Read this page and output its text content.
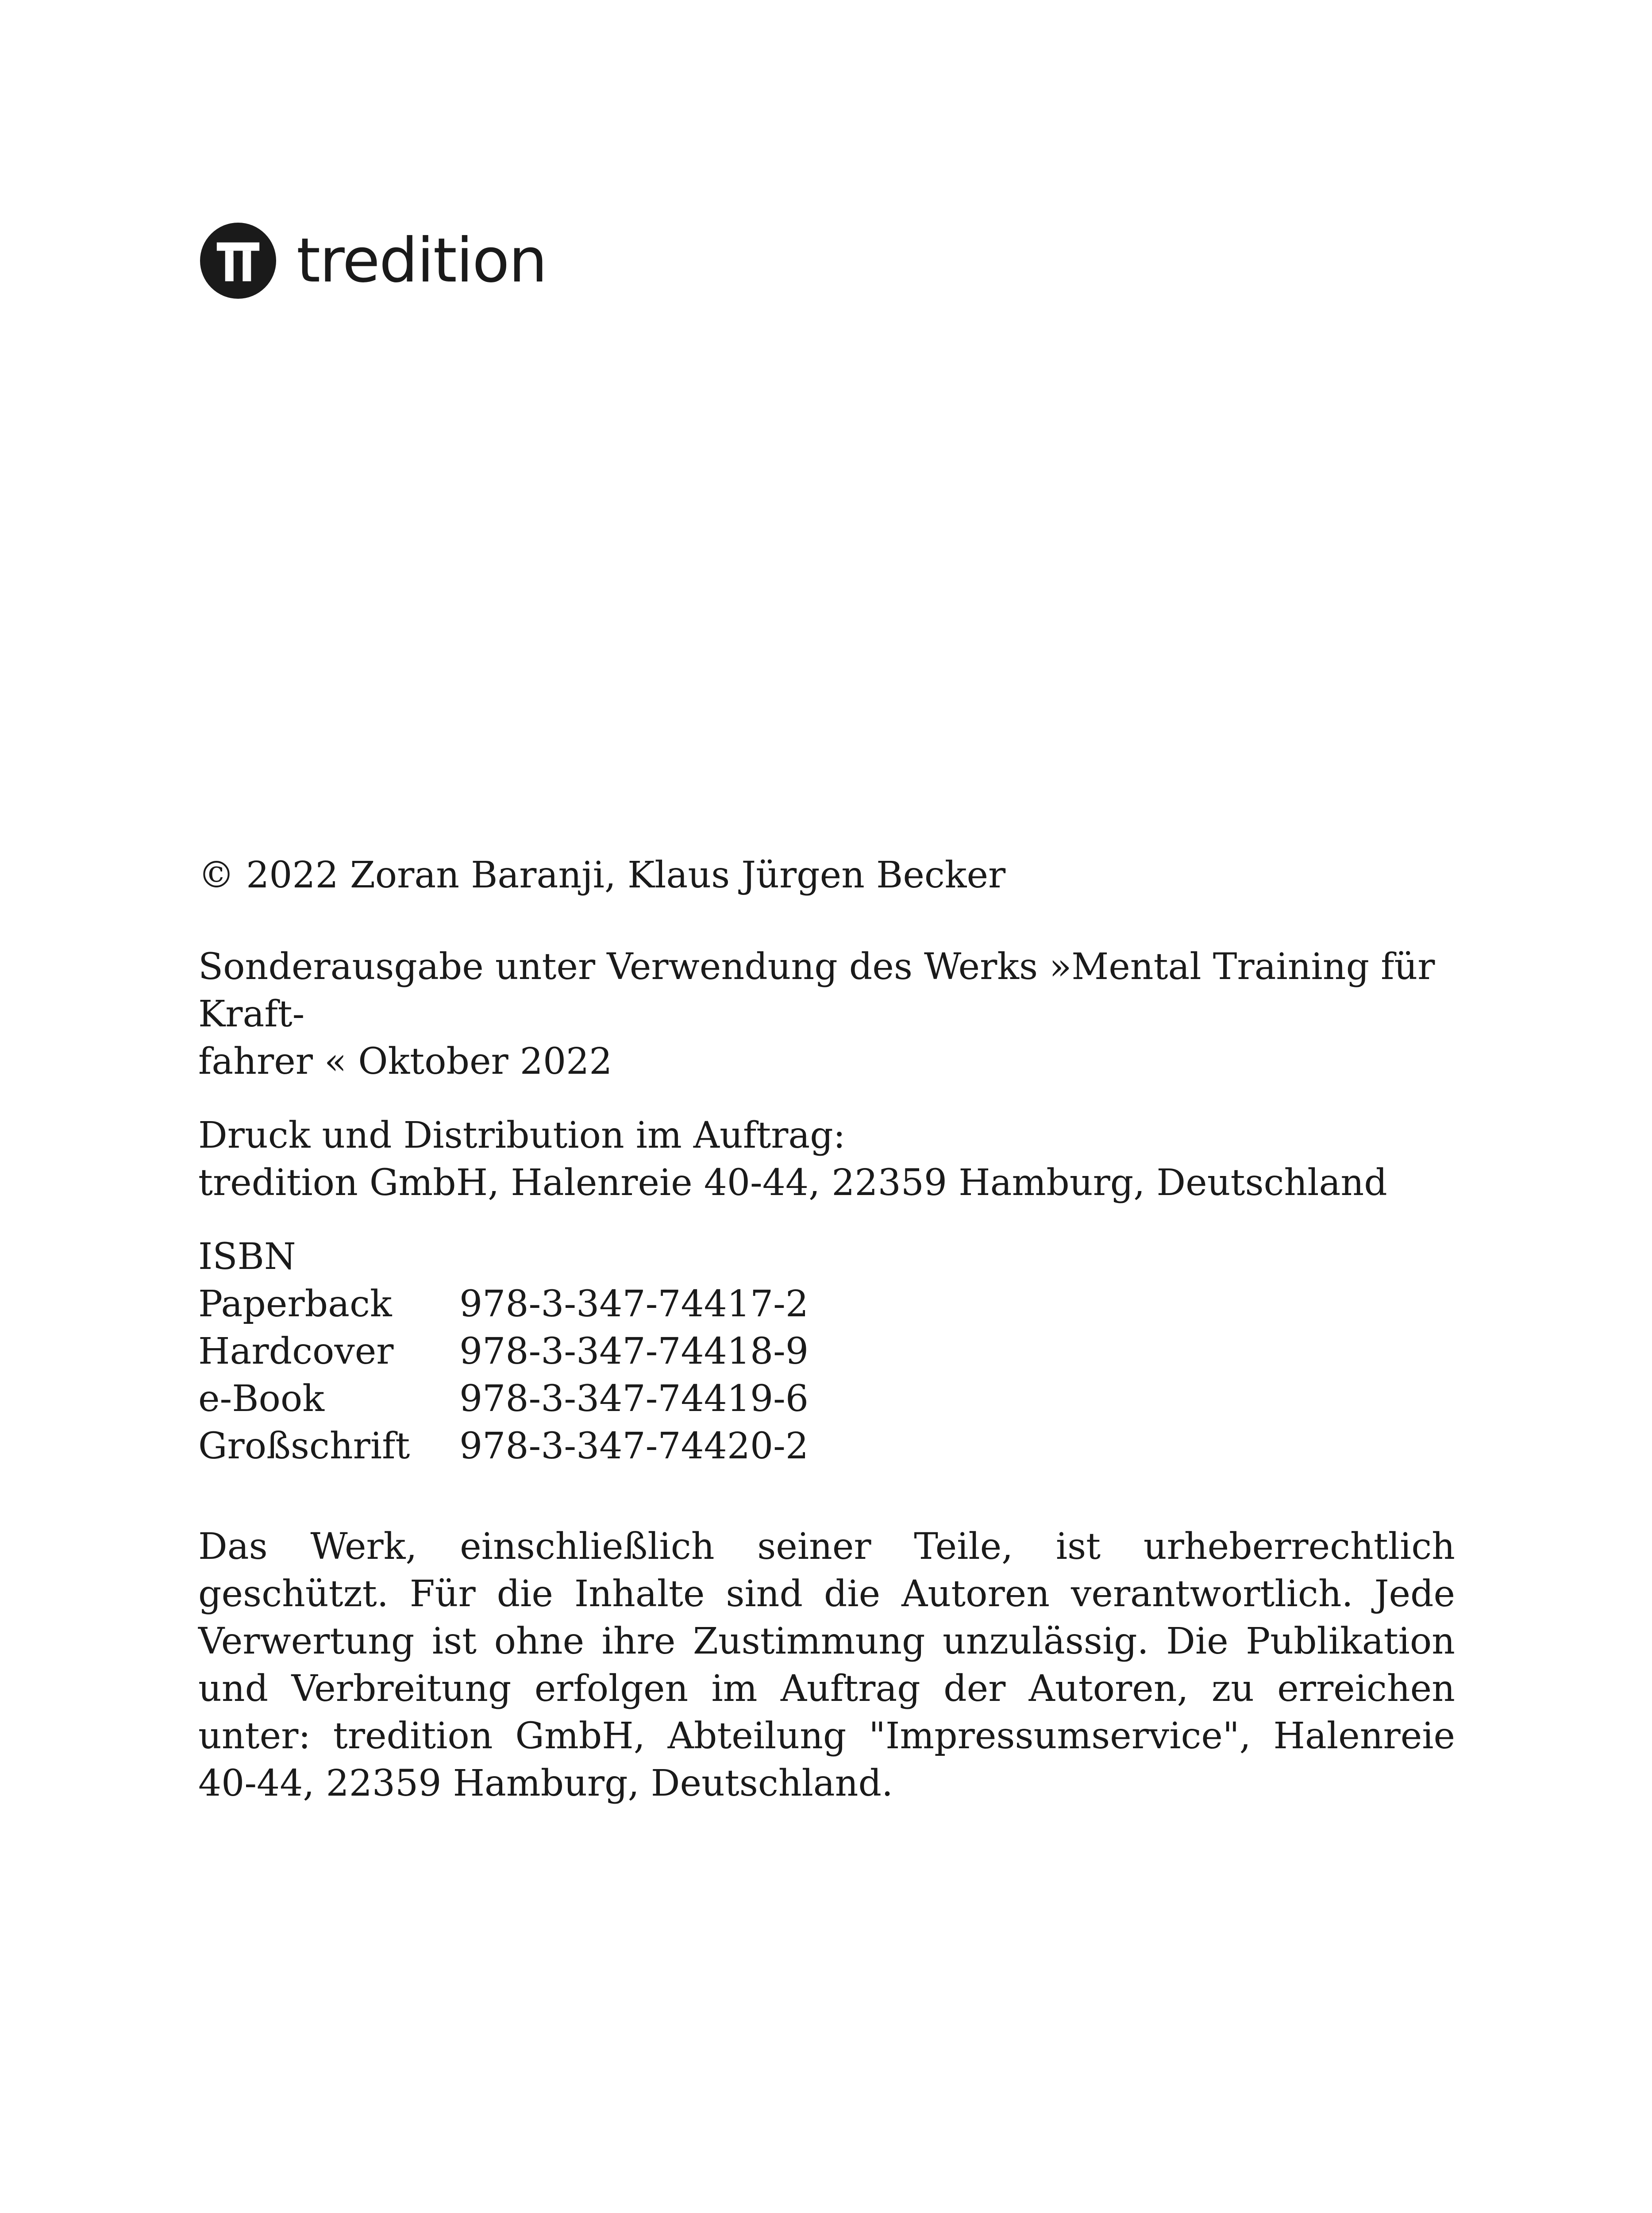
tredition

© 2022 Zoran Baranji, Klaus Jürgen Becker

Sonderausgabe unter Verwendung des Werks »Mental Training für Kraft-

fahrer « Oktober 2022

Druck und Distribution im Auftrag:

tredition GmbH, Halenreie 40-44, 22359 Hamburg, Deutschland

ISBN

Paperback	978-3-347-74417-2
Hardcover	978-3-347-74418-9
e-Book	978-3-347-74419-6
Großschrift	978-3-347-74420-2

Das Werk, einschließlich seiner Teile, ist urheberrechtlich geschützt. Für die Inhalte sind die Autoren verantwortlich. Jede Verwertung ist ohne ihre Zustimmung unzulässig. Die Publikation und Verbreitung erfolgen im Auftrag der Autoren, zu erreichen unter: tredition GmbH, Abteilung "Impressumservice", Halenreie 40-44, 22359 Hamburg, Deutschland.
